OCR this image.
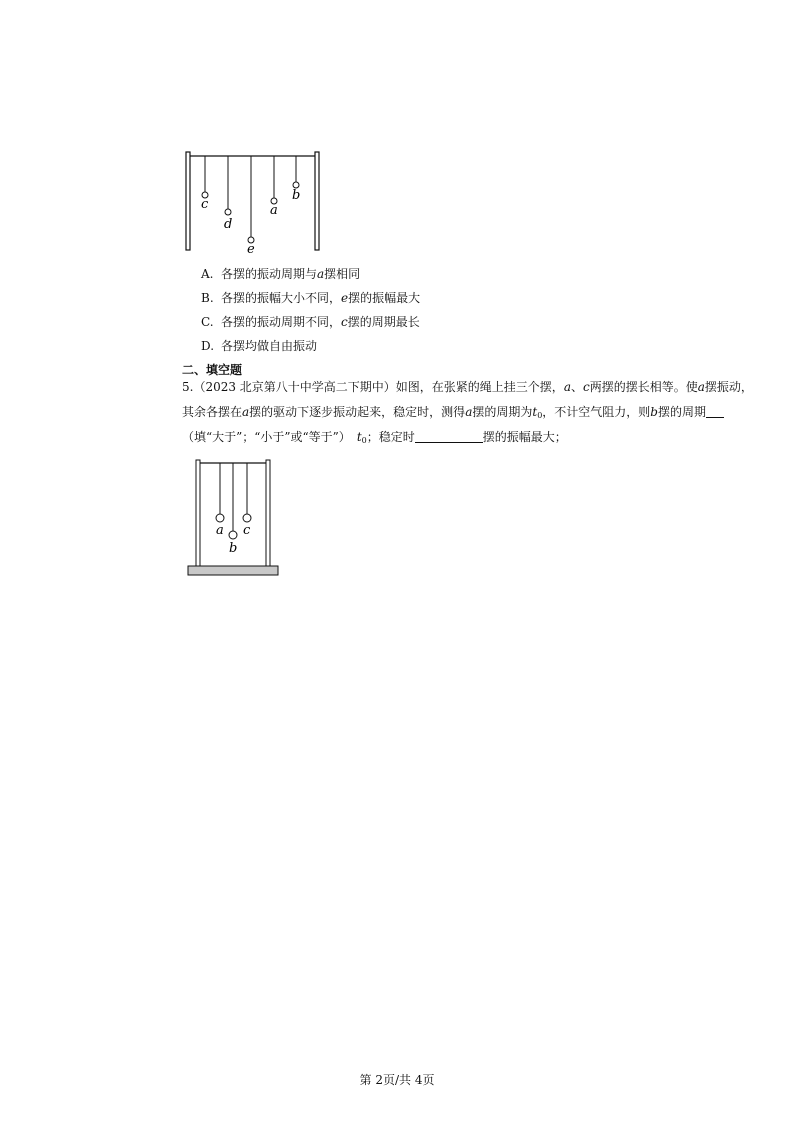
c
d
a
b
e
A. 各摆的振动周期与a摆相同
B. 各摆的振幅大小不同，e摆的振幅最大
C. 各摆的振动周期不同，c摆的周期最长
D. 各摆均做自由振动
二、填空题
5.（2023 北京第八十中学高二下期中）如图，在张紧的绳上挂三个摆，a、c两摆的摆长相等。使a摆振动，
其余各摆在a摆的驱动下逐步振动起来，稳定时，测得a摆的周期为$t_0$，不计空气阻力，则b摆的周期
（填“大于”；“小于”或“等于”） $t_0$；稳定时	摆的振幅最大；
a c
b
第 2页/共 4页
